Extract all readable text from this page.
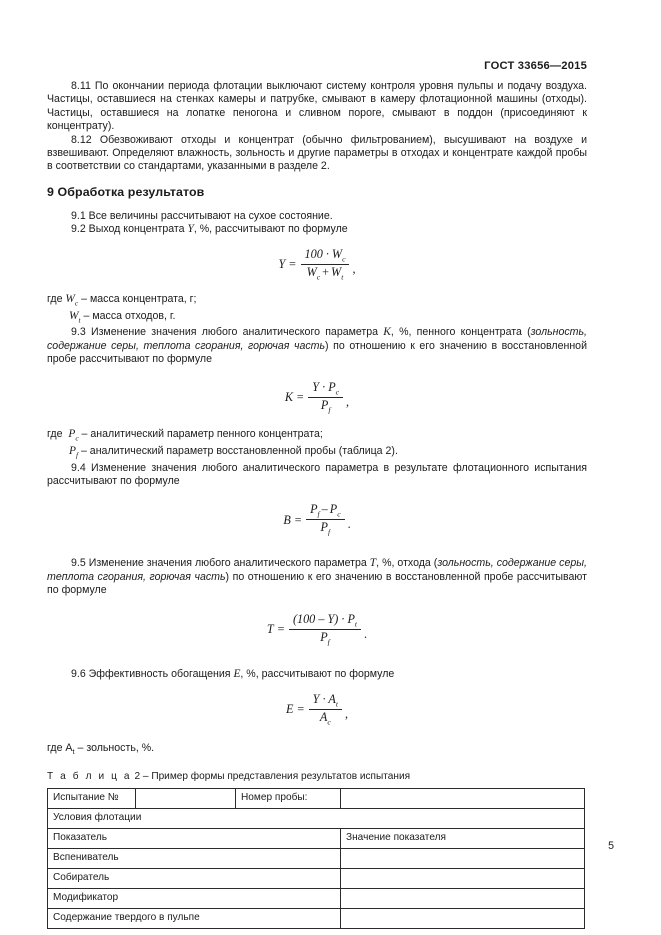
ГОСТ 33656—2015

8.11 По окончании периода флотации выключают систему контроля уровня пульпы и подачу воздуха. Частицы, оставшиеся на стенках камеры и патрубке, смывают в камеру флотационной машины (отходы). Частицы, оставшиеся на лопатке пеногона и сливном пороге, смывают в поддон (присоединяют к концентрату).

8.12 Обезвоживают отходы и концентрат (обычно фильтрованием), высушивают на воздухе и взвешивают. Определяют влажность, зольность и другие параметры в отходах и концентрате каждой пробы в соответствии со стандартами, указанными в разделе 2.

9 Обработка результатов

9.1 Все величины рассчитывают на сухое состояние.

9.2 Выход концентрата Y, %, рассчитывают по формуле

$Y = \frac{100 \cdot W_c}{W_c + W_t}$ ,

где $W_c$ – масса концентрата, г;

$W_t$ – масса отходов, г.

9.3 Изменение значения любого аналитического параметра K, %, пенного концентрата (зольность, содержание серы, теплота сгорания, горючая часть) по отношению к его значению в восстановленной пробе рассчитывают по формуле

$K = \frac{Y \cdot P_c}{P_f}$ ,

где  $P_c$ – аналитический параметр пенного концентрата;

$P_f$ – аналитический параметр восстановленной пробы (таблица 2).

9.4 Изменение значения любого аналитического параметра в результате флотационного испытания рассчитывают по формуле

$B = \frac{P_f - P_c}{P_f}$ .

9.5 Изменение значения любого аналитического параметра T, %, отхода (зольность, содержание серы, теплота сгорания, горючая часть) по отношению к его значению в восстановленной пробе рассчитывают по формуле

$T = \frac{(100 - Y) \cdot P_t}{P_f}$ .

9.6 Эффективность обогащения E, %, рассчитывают по формуле

$E = \frac{Y \cdot A_t}{A_c}$ ,

где $A_t$ – зольность, %.

Т а б л и ц а 2 – Пример формы представления результатов испытания

Испытание №		Номер пробы:	
Условия флотации			
Показатель			Значение показателя
Вспениватель			
Собиратель			
Модификатор			
Содержание твердого в пульпе			
5
